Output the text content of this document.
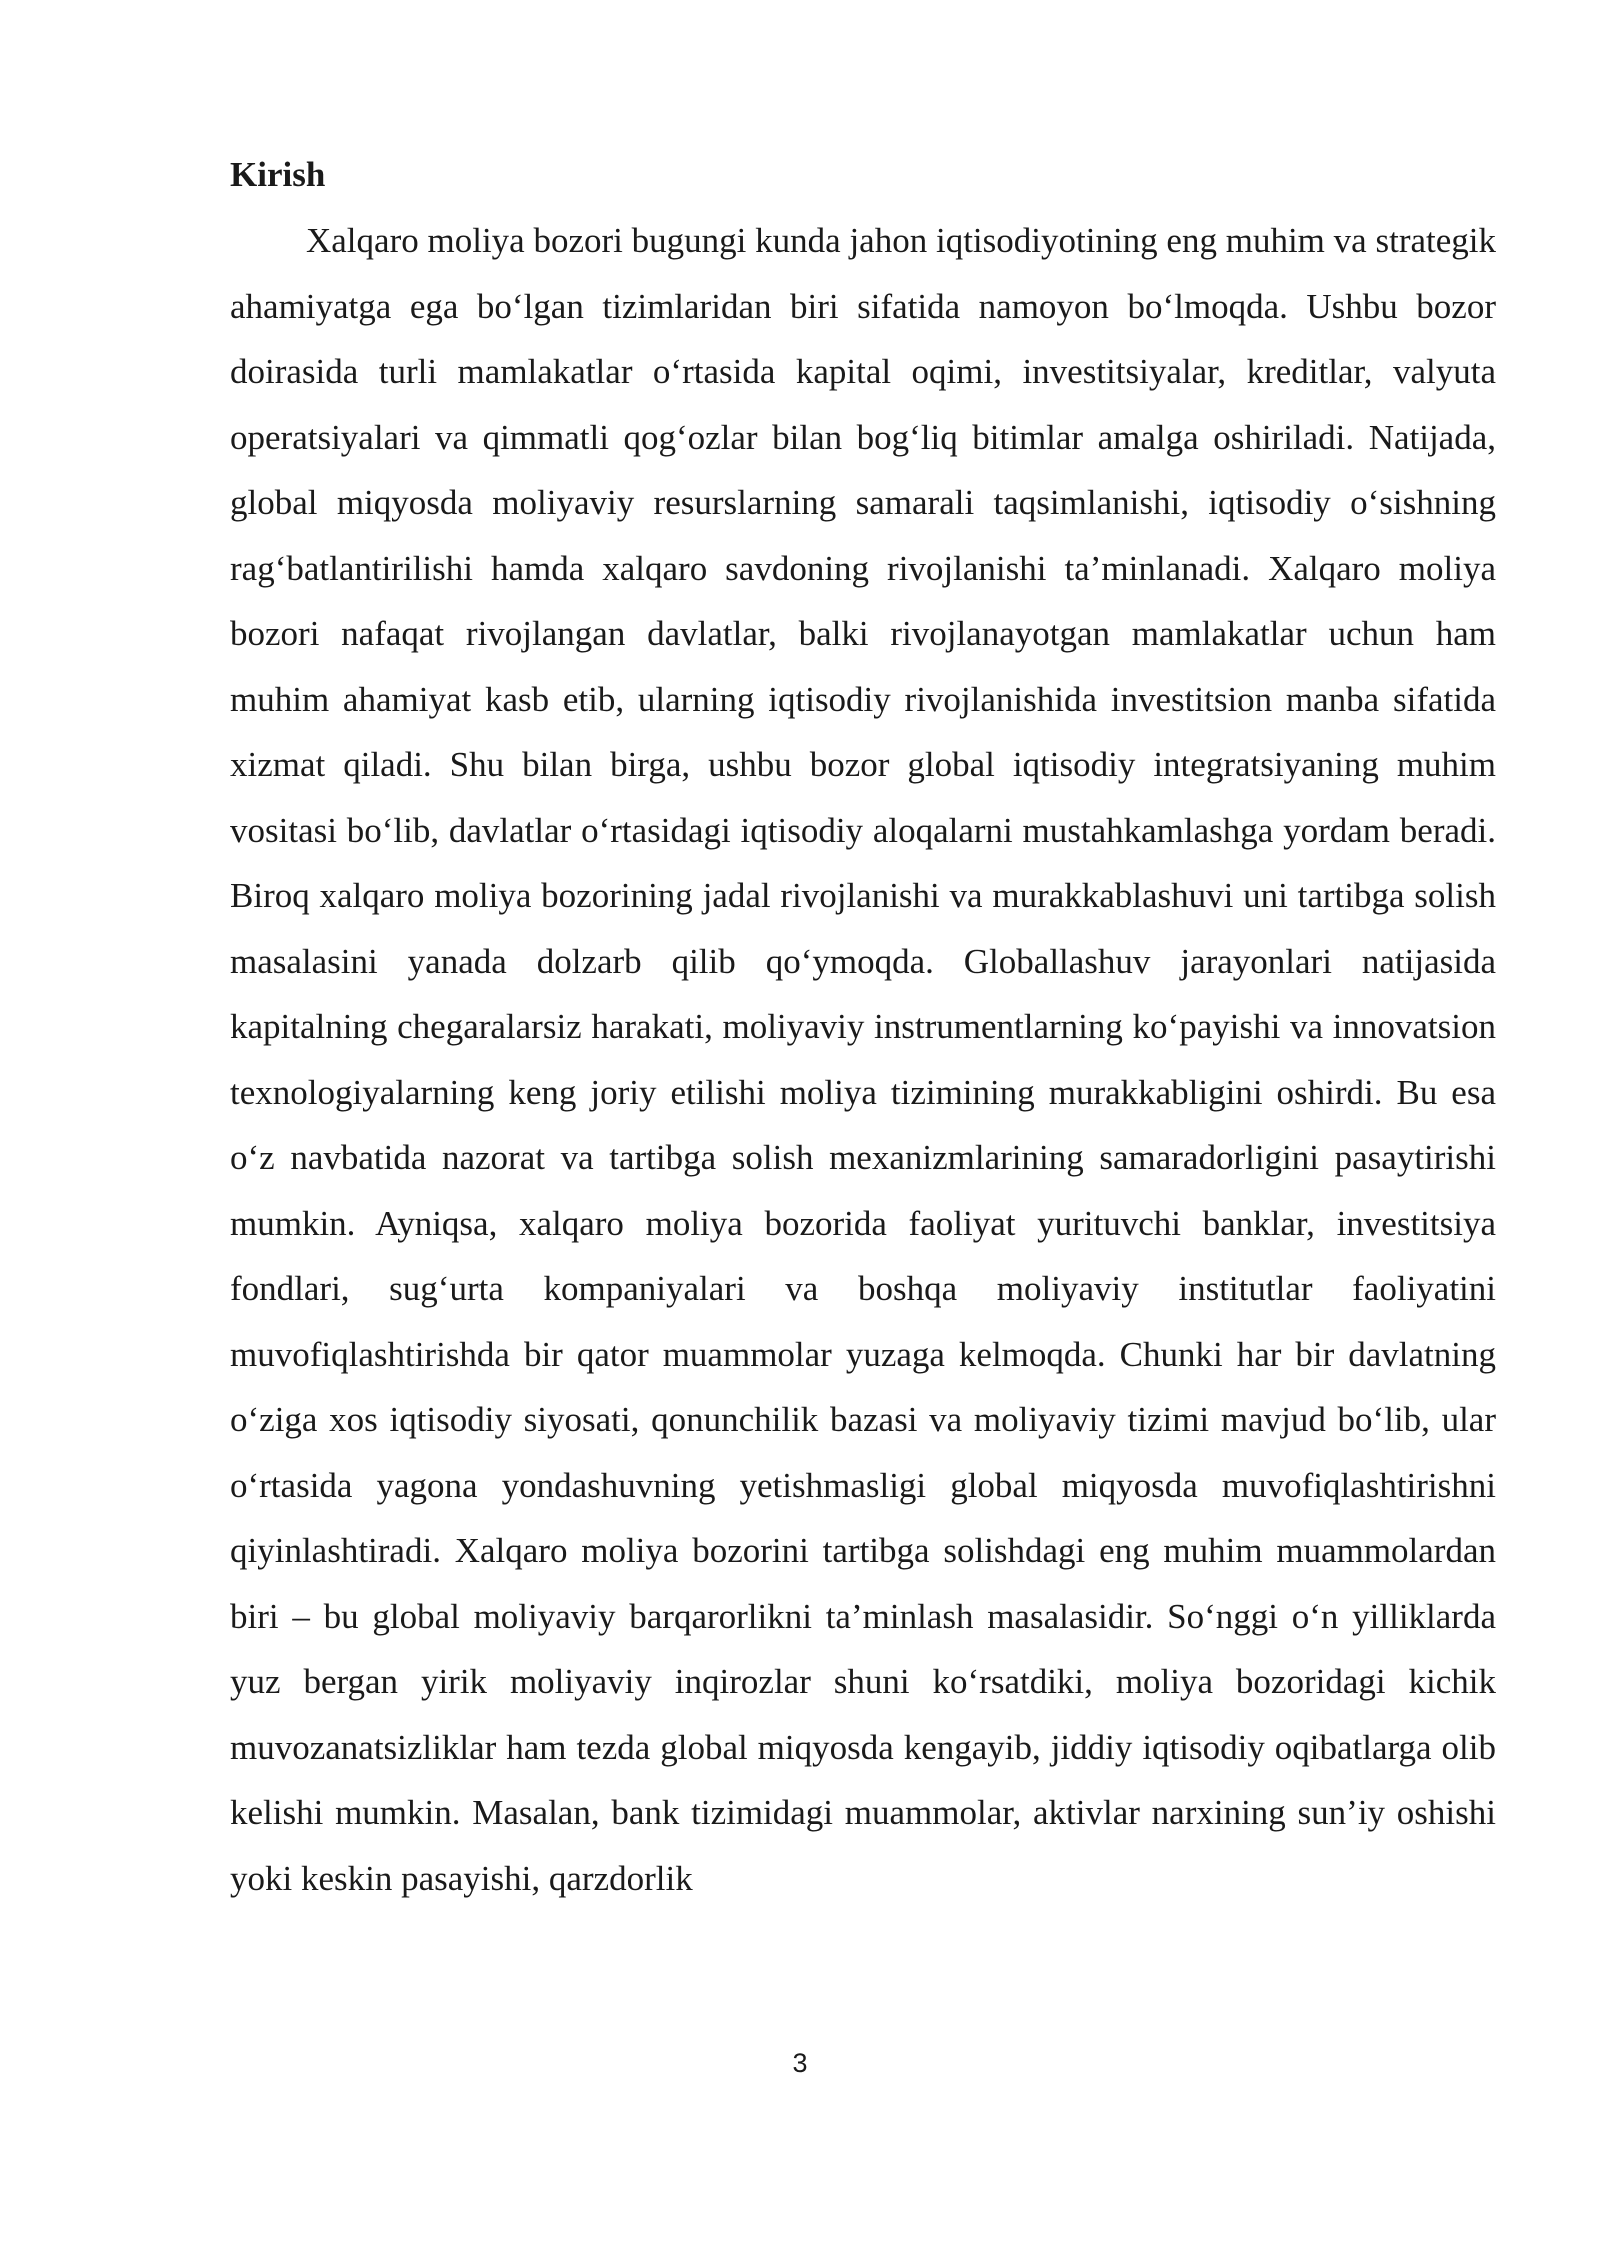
Kirish

Xalqaro moliya bozori bugungi kunda jahon iqtisodiyotining eng muhim va strategik ahamiyatga ega bo‘lgan tizimlaridan biri sifatida namoyon bo‘lmoqda. Ushbu bozor doirasida turli mamlakatlar o‘rtasida kapital oqimi, investitsiyalar, kreditlar, valyuta operatsiyalari va qimmatli qog‘ozlar bilan bog‘liq bitimlar amalga oshiriladi. Natijada, global miqyosda moliyaviy resurslarning samarali taqsimlanishi, iqtisodiy o‘sishning rag‘batlantirilishi hamda xalqaro savdoning rivojlanishi ta’minlanadi. Xalqaro moliya bozori nafaqat rivojlangan davlatlar, balki rivojlanayotgan mamlakatlar uchun ham muhim ahamiyat kasb etib, ularning iqtisodiy rivojlanishida investitsion manba sifatida xizmat qiladi. Shu bilan birga, ushbu bozor global iqtisodiy integratsiyaning muhim vositasi bo‘lib, davlatlar o‘rtasidagi iqtisodiy aloqalarni mustahkamlashga yordam beradi. Biroq xalqaro moliya bozorining jadal rivojlanishi va murakkablashuvi uni tartibga solish masalasini yanada dolzarb qilib qo‘ymoqda. Globallashuv jarayonlari natijasida kapitalning chegaralarsiz harakati, moliyaviy instrumentlarning ko‘payishi va innovatsion texnologiyalarning keng joriy etilishi moliya tizimining murakkabligini oshirdi. Bu esa o‘z navbatida nazorat va tartibga solish mexanizmlarining samaradorligini pasaytirishi mumkin. Ayniqsa, xalqaro moliya bozorida faoliyat yurituvchi banklar, investitsiya fondlari, sug‘urta kompaniyalari va boshqa moliyaviy institutlar faoliyatini muvofiqlashtirishda bir qator muammolar yuzaga kelmoqda. Chunki har bir davlatning o‘ziga xos iqtisodiy siyosati, qonunchilik bazasi va moliyaviy tizimi mavjud bo‘lib, ular o‘rtasida yagona yondashuvning yetishmasligi global miqyosda muvofiqlashtirishni qiyinlashtiradi. Xalqaro moliya bozorini tartibga solishdagi eng muhim muammolardan biri – bu global moliyaviy barqarorlikni ta’minlash masalasidir. So‘nggi o‘n yilliklarda yuz bergan yirik moliyaviy inqirozlar shuni ko‘rsatdiki, moliya bozoridagi kichik muvozanatsizliklar ham tezda global miqyosda kengayib, jiddiy iqtisodiy oqibatlarga olib kelishi mumkin. Masalan, bank tizimidagi muammolar, aktivlar narxining sun’iy oshishi yoki keskin pasayishi, qarzdorlik

3
